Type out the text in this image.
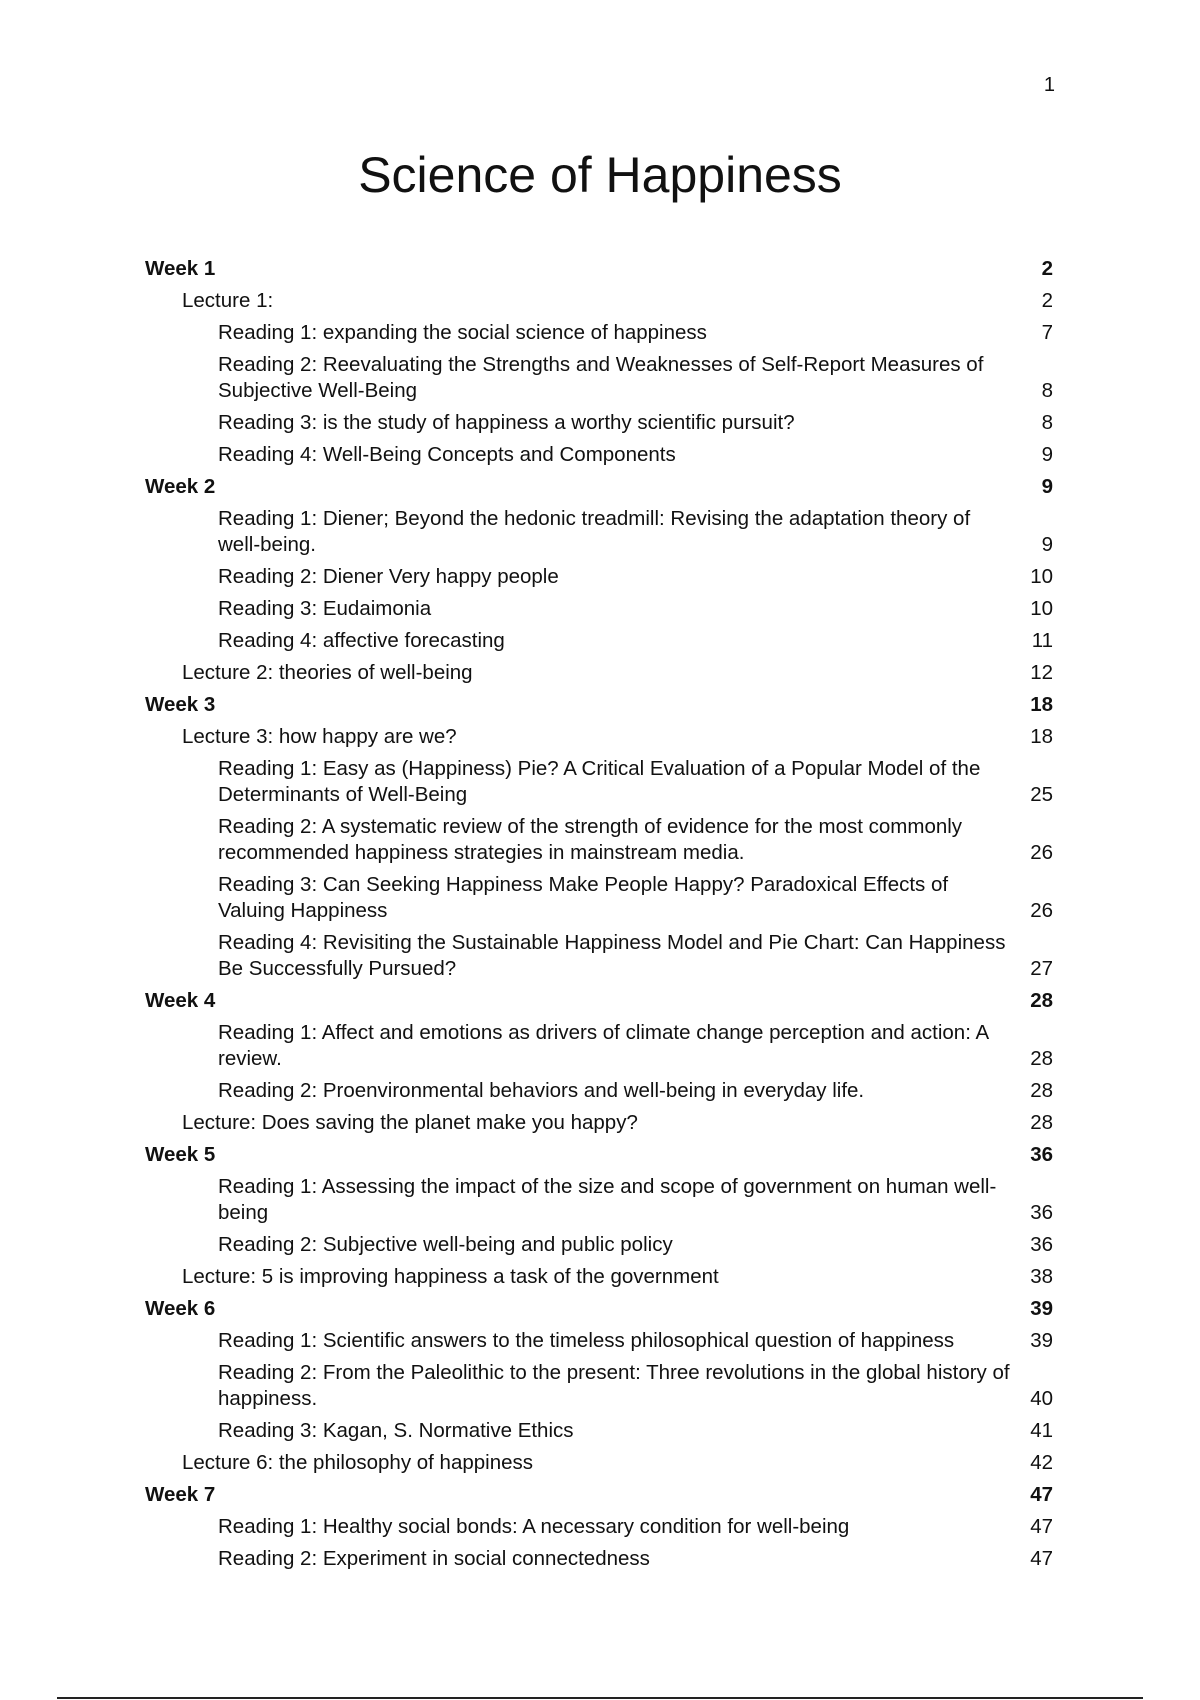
1
Science of Happiness
Week 1	2
Lecture 1:	2
Reading 1: expanding the social science of happiness	7
Reading 2: Reevaluating the Strengths and Weaknesses of Self-Report Measures of Subjective Well-Being	8
Reading 3: is the study of happiness a worthy scientific pursuit?	8
Reading 4: Well-Being Concepts and Components	9
Week 2	9
Reading 1: Diener; Beyond the hedonic treadmill: Revising the adaptation theory of well-being.	9
Reading 2: Diener Very happy people	10
Reading 3: Eudaimonia	10
Reading 4: affective forecasting	11
Lecture 2: theories of well-being	12
Week 3	18
Lecture 3: how happy are we?	18
Reading 1: Easy as (Happiness) Pie? A Critical Evaluation of a Popular Model of the Determinants of Well-Being	25
Reading 2: A systematic review of the strength of evidence for the most commonly recommended happiness strategies in mainstream media.	26
Reading 3: Can Seeking Happiness Make People Happy? Paradoxical Effects of Valuing Happiness	26
Reading 4: Revisiting the Sustainable Happiness Model and Pie Chart: Can Happiness Be Successfully Pursued?	27
Week 4	28
Reading 1: Affect and emotions as drivers of climate change perception and action: A review.	28
Reading 2: Proenvironmental behaviors and well-being in everyday life.	28
Lecture: Does saving the planet make you happy?	28
Week 5	36
Reading 1: Assessing the impact of the size and scope of government on human well-being	36
Reading 2: Subjective well-being and public policy	36
Lecture: 5 is improving happiness a task of the government	38
Week 6	39
Reading 1: Scientific answers to the timeless philosophical question of happiness	39
Reading 2: From the Paleolithic to the present: Three revolutions in the global history of happiness.	40
Reading 3: Kagan, S. Normative Ethics	41
Lecture 6: the philosophy of happiness	42
Week 7	47
Reading 1: Healthy social bonds: A necessary condition for well-being	47
Reading 2: Experiment in social connectedness	47
